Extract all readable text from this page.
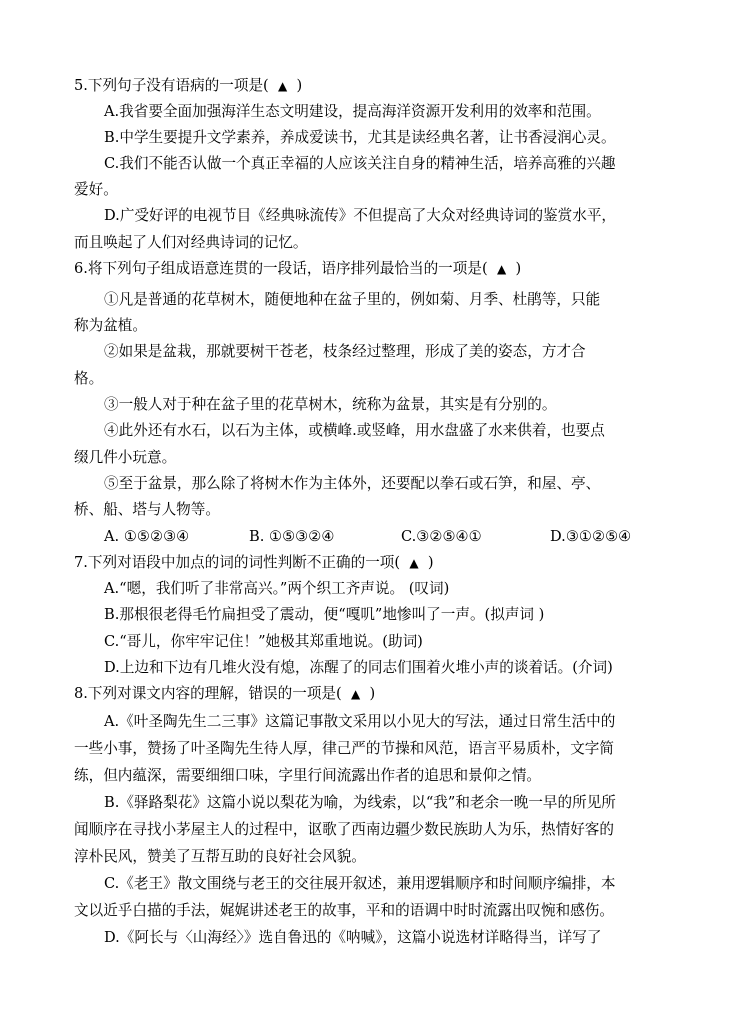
5.下列句子没有语病的一项是( ▲ )
A.我省要全面加强海洋生态文明建设，提高海洋资源开发利用的效率和范围。
B.中学生要提升文学素养，养成爱读书，尤其是读经典名著，让书香浸润心灵。
C.我们不能否认做一个真正幸福的人应该关注自身的精神生活，培养高雅的兴趣
爱好。
D.广受好评的电视节目《经典咏流传》不但提高了大众对经典诗词的鉴赏水平，
而且唤起了人们对经典诗词的记忆。
6.将下列句子组成语意连贯的一段话，语序排列最恰当的一项是( ▲ )
①凡是普通的花草树木，随便地种在盆子里的，例如菊、月季、杜鹃等，只能
称为盆植。
②如果是盆栽，那就要树干苍老，枝条经过整理，形成了美的姿态，方才合
格。
③一般人对于种在盆子里的花草树木，统称为盆景，其实是有分别的。
④此外还有水石，以石为主体，或横峰.或竖峰，用水盘盛了水来供着，也要点
缀几件小玩意。
⑤至于盆景，那么除了将树木作为主体外，还要配以拳石或石笋，和屋、亭、
桥、船、塔与人物等。
A. ①⑤②③④	B. ①⑤③②④	C.③②⑤④①	D.③①②⑤④
7.下列对语段中加点的词的词性判断不正确的一项( ▲ )
A.“嗯，我们听了非常高兴。”两个织工齐声说。 (叹词)
B.那根很老得毛竹扁担受了震动，便“嘎叽”地惨叫了一声。(拟声词 )
C.“哥儿，你牢牢记住！”她极其郑重地说。(助词)
D.上边和下边有几堆火没有熄，冻醒了的同志们围着火堆小声的谈着话。(介词)
8.下列对课文内容的理解，错误的一项是( ▲ )
A.《叶圣陶先生二三事》这篇记事散文采用以小见大的写法，通过日常生活中的
一些小事，赞扬了叶圣陶先生待人厚，律己严的节操和风范，语言平易质朴，文字简
练，但内蕴深，需要细细口味，字里行间流露出作者的追思和景仰之情。
B.《驿路梨花》这篇小说以梨花为喻，为线索，以“我”和老余一晚一早的所见所
闻顺序在寻找小茅屋主人的过程中，讴歌了西南边疆少数民族助人为乐，热情好客的
淳朴民风，赞美了互帮互助的良好社会风貌。
C.《老王》散文围绕与老王的交往展开叙述，兼用逻辑顺序和时间顺序编排，本
文以近乎白描的手法，娓娓讲述老王的故事，平和的语调中时时流露出叹惋和感伤。
D.《阿长与〈山海经〉》选自鲁迅的《呐喊》，这篇小说选材详略得当，详写了
